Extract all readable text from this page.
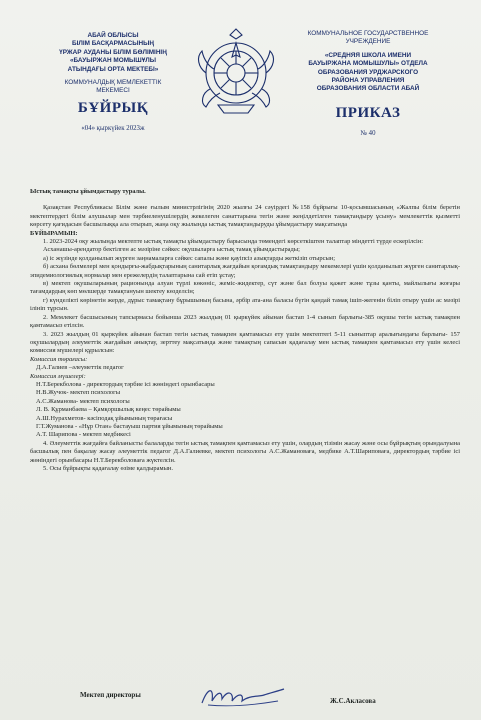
АБАЙ ОБЛЫСЫ
БІЛІМ БАСҚАРМАСЫНЫҢ
ҮРЖАР АУДАНЫ БІЛІМ БӨЛІМІНІҢ
«БАУЫРЖАН МОМЫШҰЛЫ
АТЫНДАҒЫ ОРТА МЕКТЕБІ»
КОММУНАЛДЫҚ МЕМЛЕКЕТТІК
МЕКЕМЕСІ
БҰЙРЫҚ
«04» қыркүйек 2023ж
КОММУНАЛЬНОЕ ГОСУДАРСТВЕННОЕ
УЧРЕЖДЕНИЕ
«СРЕДНЯЯ ШКОЛА ИМЕНИ
БАУЫРЖАНА МОМЫШУЛЫ» ОТДЕЛА
ОБРАЗОВАНИЯ УРДЖАРСКОГО
РАЙОНА УПРАВЛЕНИЯ
ОБРАЗОВАНИЯ ОБЛАСТИ АБАЙ
ПРИКАЗ
№ 40

Ыстық тамақты ұйымдастыру туралы.

Қазақстан Республикасы Білім және ғылым министрлігінің 2020 жылғы 24 сәуірдегі №158 бұйрығы 10-қосымшасының «Жалпы білім беретін мектептердегі білім алушылар мен тәрбиеленушілердің жекелеген санаттарына тегін және жеңілдетілген тамақтандыру ұсыну» мемлекеттік қызметті көрсету қағидасын басшылыққа ала отырып, жаңа оқу жылында ыстық тамақтандыруды ұйымдастыру мақсатында

БҰЙЫРАМЫН:

1. 2023-2024 оқу жылында мектепте ыстық тамақты ұйымдастыру барысында төмендегі көрсеткіштен талаптар міндетті түрде ескерілсін:

Асханашы-арендатор бектілген ас мәзіріне сәйкес оқушыларға ыстық тамақ ұйымдастырады;

а) іс жүзінде қолданылып жүрген заңнамаларға сәйкес сапалы және қауіпсіз азықтарды жеткізіп отырсын;

б) асхана бөлмелері мен қондырғы-жабдықтарының санитарлық жағдайын қоғамдық тамақтандыру мекемелері үшін қолданылып жүрген санитарлық-эпидемиологиялық нормалар мен ережелердің талаптарына сай етіп ұстау;

в) мектеп оқушыларының рационында алуан түрлі көкөніс, жеміс-жидектер, сүт және бал болуы қажет және тұзы қанты, майлылығы жоғары тағамдардың көп мөлшерде тамақтануын шектеу көзделсін;

г) күнделікті көрінетін жерде, дұрыс тамақтану бұрышының басына, әрбір ата-ана баласы бүгін қандай тамақ ішіп-жегенін біліп отыру үшін ас мәзірі ілініп тұрсын.

2. Мемлекет басшысының тапсырмасы бойынша 2023 жылдың 01 қыркүйек айынан бастап 1-4 сынып барлығы-385 оқушы тегін ыстық тамақпен қамтамасыз етілсін.

3. 2023 жылдың 01 қыркүйек айынан бастап тегін ыстық тамақпен қамтамасыз ету үшін мектептегі 5-11 сыныптар аралығындағы барлығы- 157 оқушылардың әлеуметтік жағдайын анықтау, зерттеу мақсатында және тамақтың сапасын қадағалау мен ыстық тамақпен қамтамасыз ету үшін келесі комиссия мүшелері құрылсын:

Комиссия төрағасы:

Д.А.Галиев –әлеуметтік педагог

Комиссия мүшелері:

Н.Т.Берекболова - директордың тәрбие ісі жөніндегі орынбасары

Н.В.Жучок- мектеп психологы

А.С.Жаманова- мектеп психологы

Л. В. Құрманбаева – Қамқоршылық кеңес төрайымы

А.Ш.Нурахметов- кәсіподақ ұйымының төрағасы

Г.Т.Жуманова - «Нұр Отан» бастауыш партия ұйымының төрайымы

А.Т. Шарипова - мектеп медбикесі

4. Әлеуметтік жағдайға байланысты балаларды тегін ыстық тамақпен қамтамасыз ету үшін, олардың тізімін жасау және осы бұйрықтың орындалуына басшылық пен бақылау жасау әлеуметтік педагог Д.А.Галиевке, мектеп психологы А.С.Жамановаға, медбике А.Т.Шариповаға, директордың тәрбие ісі жөніндегі орынбасары Н.Т.Берекболоваға жүктелсін.

5. Осы бұйрықты қадағалау өзіме қалдырамын.

Мектеп директоры
Ж.С.Акласова
